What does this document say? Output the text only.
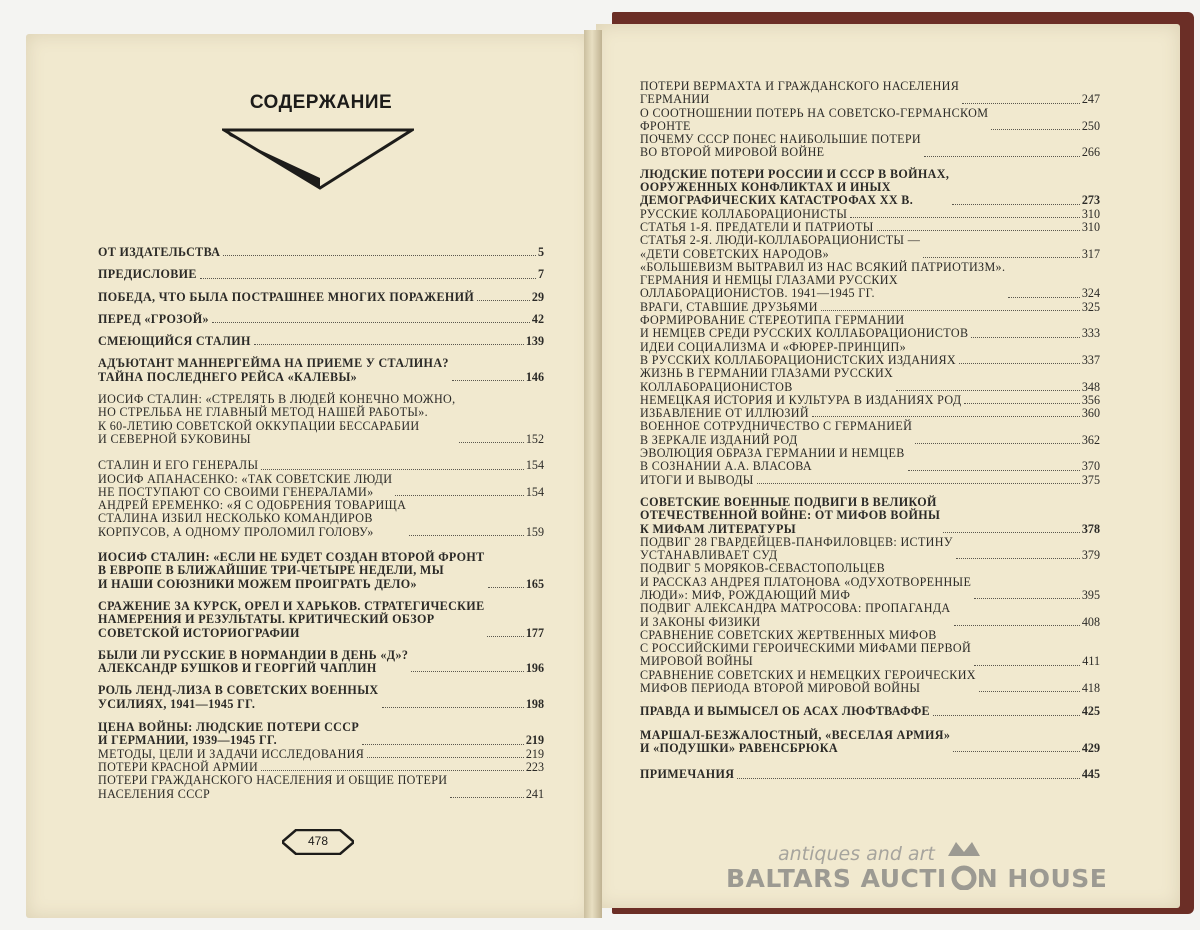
СОДЕРЖАНИЕ
ОТ ИЗДАТЕЛЬСТВА	5
ПРЕДИСЛОВИЕ	7
ПОБЕДА, ЧТО БЫЛА ПОСТРАШНЕЕ МНОГИХ ПОРАЖЕНИЙ	29
ПЕРЕД «ГРОЗОЙ»	42
СМЕЮЩИЙСЯ СТАЛИН	139
АДЪЮТАНТ МАННЕРГЕЙМА НА ПРИЕМЕ У СТАЛИНА?
ТАЙНА ПОСЛЕДНЕГО РЕЙСА «КАЛЕВЫ»	146
ИОСИФ СТАЛИН: «СТРЕЛЯТЬ В ЛЮДЕЙ КОНЕЧНО МОЖНО,
НО СТРЕЛЬБА НЕ ГЛАВНЫЙ МЕТОД НАШЕЙ РАБОТЫ».
К 60-ЛЕТИЮ СОВЕТСКОЙ ОККУПАЦИИ БЕССАРАБИИ
И СЕВЕРНОЙ БУКОВИНЫ	152
СТАЛИН И ЕГО ГЕНЕРАЛЫ	154
ИОСИФ АПАНАСЕНКО: «ТАК СОВЕТСКИЕ ЛЮДИ
НЕ ПОСТУПАЮТ СО СВОИМИ ГЕНЕРАЛАМИ»	154
АНДРЕЙ ЕРЕМЕНКО: «Я С ОДОБРЕНИЯ ТОВАРИЩА
СТАЛИНА ИЗБИЛ НЕСКОЛЬКО КОМАНДИРОВ
КОРПУСОВ, А ОДНОМУ ПРОЛОМИЛ ГОЛОВУ»	159
ИОСИФ СТАЛИН: «ЕСЛИ НЕ БУДЕТ СОЗДАН ВТОРОЙ ФРОНТ
В ЕВРОПЕ В БЛИЖАЙШИЕ ТРИ-ЧЕТЫРЕ НЕДЕЛИ, МЫ
И НАШИ СОЮЗНИКИ МОЖЕМ ПРОИГРАТЬ ДЕЛО»	165
СРАЖЕНИЕ ЗА КУРСК, ОРЕЛ И ХАРЬКОВ. СТРАТЕГИЧЕСКИЕ
НАМЕРЕНИЯ И РЕЗУЛЬТАТЫ. КРИТИЧЕСКИЙ ОБЗОР
СОВЕТСКОЙ ИСТОРИОГРАФИИ	177
БЫЛИ ЛИ РУССКИЕ В НОРМАНДИИ В ДЕНЬ «Д»?
АЛЕКСАНДР БУШКОВ И ГЕОРГИЙ ЧАПЛИН	196
РОЛЬ ЛЕНД-ЛИЗА В СОВЕТСКИХ ВОЕННЫХ
УСИЛИЯХ, 1941—1945 ГГ.	198
ЦЕНА ВОЙНЫ: ЛЮДСКИЕ ПОТЕРИ СССР
И ГЕРМАНИИ, 1939—1945 ГГ.	219
МЕТОДЫ, ЦЕЛИ И ЗАДАЧИ ИССЛЕДОВАНИЯ	219
ПОТЕРИ КРАСНОЙ АРМИИ	223
ПОТЕРИ ГРАЖДАНСКОГО НАСЕЛЕНИЯ И ОБЩИЕ ПОТЕРИ
НАСЕЛЕНИЯ СССР	241
ПОТЕРИ ВЕРМАХТА И ГРАЖДАНСКОГО НАСЕЛЕНИЯ
ГЕРМАНИИ	247
О СООТНОШЕНИИ ПОТЕРЬ НА СОВЕТСКО-ГЕРМАНСКОМ
ФРОНТЕ	250
ПОЧЕМУ СССР ПОНЕС НАИБОЛЬШИЕ ПОТЕРИ
ВО ВТОРОЙ МИРОВОЙ ВОЙНЕ	266
ЛЮДСКИЕ ПОТЕРИ РОССИИ И СССР В ВОЙНАХ,
ООРУЖЕННЫХ КОНФЛИКТАХ И ИНЫХ
ДЕМОГРАФИЧЕСКИХ КАТАСТРОФАХ XX В.	273
РУССКИЕ КОЛЛАБОРАЦИОНИСТЫ	310
СТАТЬЯ 1-Я. ПРЕДАТЕЛИ И ПАТРИОТЫ	310
СТАТЬЯ 2-Я. ЛЮДИ-КОЛЛАБОРАЦИОНИСТЫ —
«ДЕТИ СОВЕТСКИХ НАРОДОВ»	317
«БОЛЬШЕВИЗМ ВЫТРАВИЛ ИЗ НАС ВСЯКИЙ ПАТРИОТИЗМ».
ГЕРМАНИЯ И НЕМЦЫ ГЛАЗАМИ РУССКИХ
ОЛЛАБОРАЦИОНИСТОВ. 1941—1945 ГГ.	324
ВРАГИ, СТАВШИЕ ДРУЗЬЯМИ	325
ФОРМИРОВАНИЕ СТЕРЕОТИПА ГЕРМАНИИ
И НЕМЦЕВ СРЕДИ РУССКИХ КОЛЛАБОРАЦИОНИСТОВ	333
ИДЕИ СОЦИАЛИЗМА И «ФЮРЕР-ПРИНЦИП»
В РУССКИХ КОЛЛАБОРАЦИОНИСТСКИХ ИЗДАНИЯХ	337
ЖИЗНЬ В ГЕРМАНИИ ГЛАЗАМИ РУССКИХ
КОЛЛАБОРАЦИОНИСТОВ	348
НЕМЕЦКАЯ ИСТОРИЯ И КУЛЬТУРА В ИЗДАНИЯХ РОД	356
ИЗБАВЛЕНИЕ ОТ ИЛЛЮЗИЙ	360
ВОЕННОЕ СОТРУДНИЧЕСТВО С ГЕРМАНИЕЙ
В ЗЕРКАЛЕ ИЗДАНИЙ РОД	362
ЭВОЛЮЦИЯ ОБРАЗА ГЕРМАНИИ И НЕМЦЕВ
В СОЗНАНИИ А.А. ВЛАСОВА	370
ИТОГИ И ВЫВОДЫ	375
СОВЕТСКИЕ ВОЕННЫЕ ПОДВИГИ В ВЕЛИКОЙ
ОТЕЧЕСТВЕННОЙ ВОЙНЕ: ОТ МИФОВ ВОЙНЫ
К МИФАМ ЛИТЕРАТУРЫ	378
ПОДВИГ 28 ГВАРДЕЙЦЕВ-ПАНФИЛОВЦЕВ: ИСТИНУ
УСТАНАВЛИВАЕТ СУД	379
ПОДВИГ 5 МОРЯКОВ-СЕВАСТОПОЛЬЦЕВ
И РАССКАЗ АНДРЕЯ ПЛАТОНОВА «ОДУХОТВОРЕННЫЕ
ЛЮДИ»: МИФ, РОЖДАЮЩИЙ МИФ	395
ПОДВИГ АЛЕКСАНДРА МАТРОСОВА: ПРОПАГАНДА
И ЗАКОНЫ ФИЗИКИ	408
СРАВНЕНИЕ СОВЕТСКИХ ЖЕРТВЕННЫХ МИФОВ
С РОССИЙСКИМИ ГЕРОИЧЕСКИМИ МИФАМИ ПЕРВОЙ
МИРОВОЙ ВОЙНЫ	411
СРАВНЕНИЕ СОВЕТСКИХ И НЕМЕЦКИХ ГЕРОИЧЕСКИХ
МИФОВ ПЕРИОДА ВТОРОЙ МИРОВОЙ ВОЙНЫ	418
ПРАВДА И ВЫМЫСЕЛ ОБ АСАХ ЛЮФТВАФФЕ	425
МАРШАЛ-БЕЗЖАЛОСТНЫЙ, «ВЕСЕЛАЯ АРМИЯ»
И «ПОДУШКИ» РАВЕНСБРЮКА	429
ПРИМЕЧАНИЯ	445
478
antiques and art
BALTARS AUCTI N HOUSE
